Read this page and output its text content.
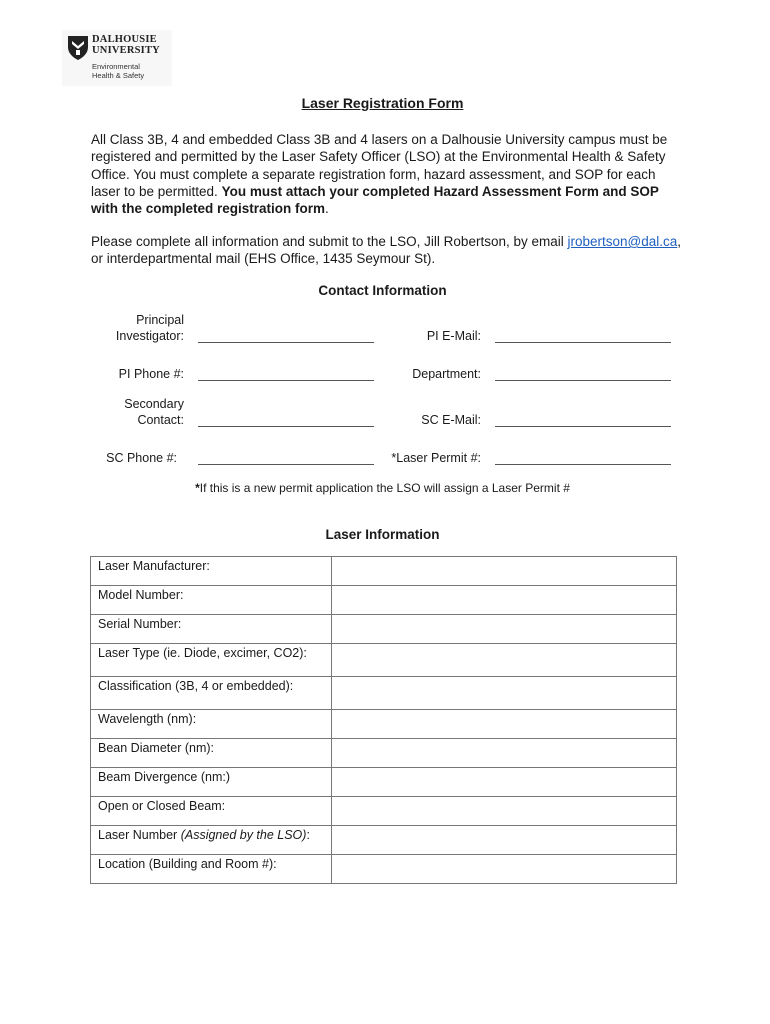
DALHOUSIE
UNIVERSITY
Environmental
Health & Safety
Laser Registration Form
All Class 3B, 4 and embedded Class 3B and 4 lasers on a Dalhousie University campus must be registered and permitted by the Laser Safety Officer (LSO) at the Environmental Health & Safety Office. You must complete a separate registration form, hazard assessment, and SOP for each laser to be permitted. You must attach your completed Hazard Assessment Form and SOP with the completed registration form.
Please complete all information and submit to the LSO, Jill Robertson, by email jrobertson@dal.ca, or interdepartmental mail (EHS Office, 1435 Seymour St).
Contact Information
Principal
Investigator:	PI E-Mail:
PI Phone #:	Department:
Secondary
Contact:	SC E-Mail:
SC Phone #:	*Laser Permit #:
*If this is a new permit application the LSO will assign a Laser Permit #
Laser Information
Laser Manufacturer:	
Model Number:	
Serial Number:	
Laser Type (ie. Diode, excimer, CO2):	
Classification (3B, 4 or embedded):	
Wavelength (nm):	
Bean Diameter (nm):	
Beam Divergence (nm:)	
Open or Closed Beam:	
Laser Number (Assigned by the LSO):	
Location (Building and Room #):	
